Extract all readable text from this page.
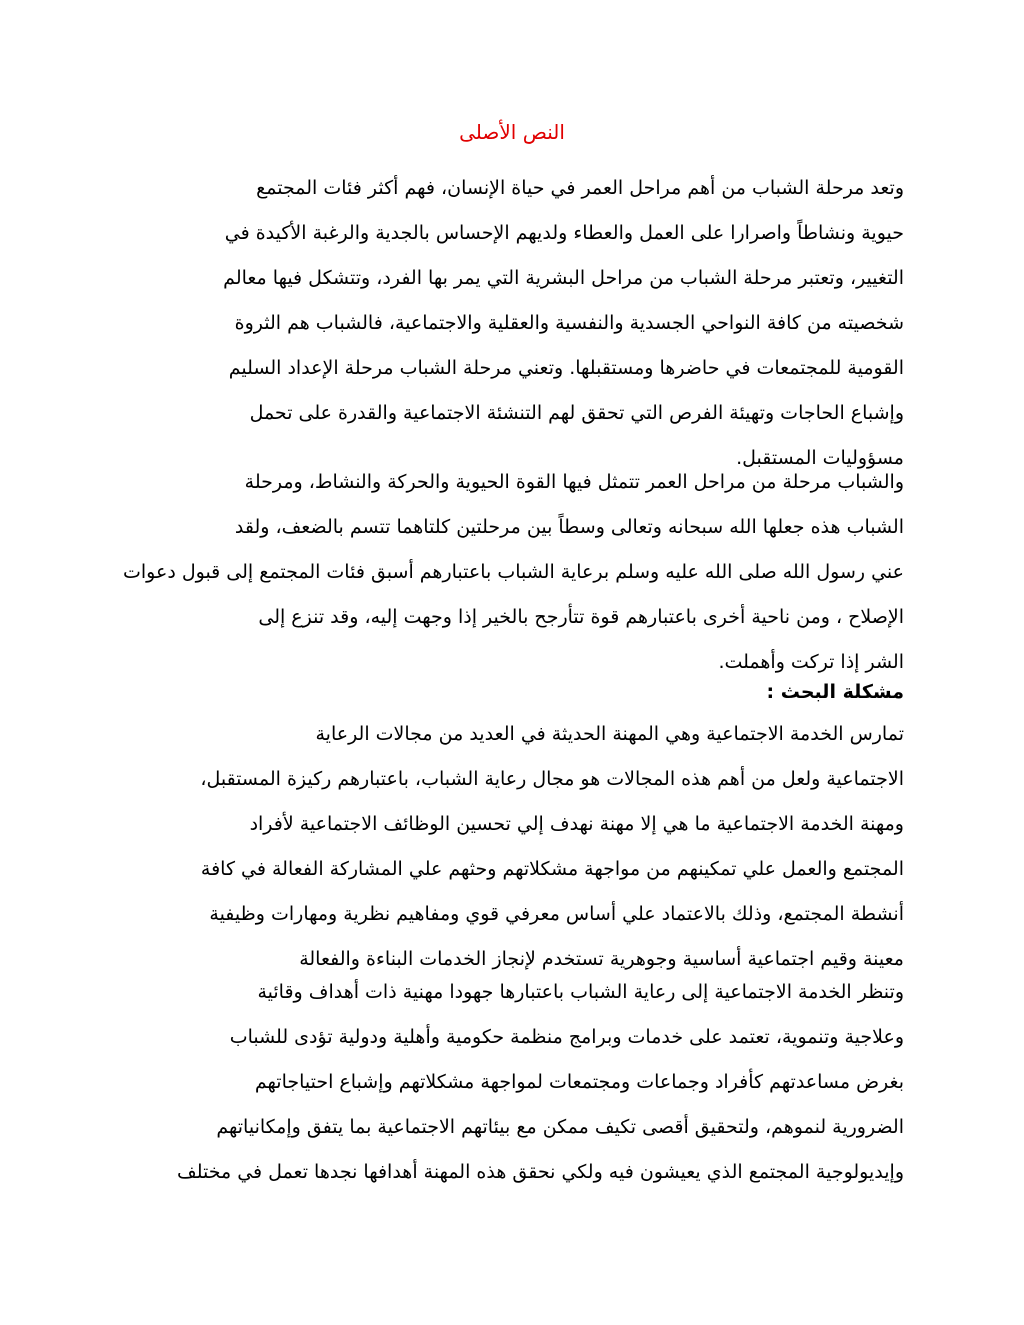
النص الأصلى
وتعد مرحلة الشباب من أهم مراحل العمر في حياة الإنسان، فهم أكثر فئات المجتمع
حيوية ونشاطاً واصرارا على العمل والعطاء ولديهم الإحساس بالجدية والرغبة الأكيدة في
التغيير، وتعتبر مرحلة الشباب من مراحل البشرية التي يمر بها الفرد، وتتشكل فيها معالم
شخصيته من كافة النواحي الجسدية والنفسية والعقلية والاجتماعية، فالشباب هم الثروة
القومية للمجتمعات في حاضرها ومستقبلها. وتعني مرحلة الشباب مرحلة الإعداد السليم
وإشباع الحاجات وتهيئة الفرص التي تحقق لهم التنشئة الاجتماعية والقدرة على تحمل
مسؤوليات المستقبل.
والشباب مرحلة من مراحل العمر تتمثل فيها القوة الحيوية والحركة والنشاط، ومرحلة
الشباب هذه جعلها الله سبحانه وتعالى وسطاً بين مرحلتين كلتاهما تتسم بالضعف، ولقد
عني رسول الله صلى الله عليه وسلم برعاية الشباب باعتبارهم أسبق فئات المجتمع إلى قبول دعوات
الإصلاح ، ومن ناحية أخرى باعتبارهم قوة تتأرجح بالخير إذا وجهت إليه، وقد تنزع إلى
الشر إذا تركت وأهملت.
مشكلة البحث :
تمارس الخدمة الاجتماعية وهي المهنة الحديثة في العديد من مجالات الرعاية
الاجتماعية ولعل من أهم هذه المجالات هو مجال رعاية الشباب، باعتبارهم ركيزة المستقبل،
ومهنة الخدمة الاجتماعية ما هي إلا مهنة نهدف إلي تحسين الوظائف الاجتماعية لأفراد
المجتمع والعمل علي تمكينهم من مواجهة مشكلاتهم وحثهم علي المشاركة الفعالة في كافة
أنشطة المجتمع، وذلك بالاعتماد علي أساس معرفي قوي ومفاهيم نظرية ومهارات وظيفية
معينة وقيم اجتماعية أساسية وجوهرية تستخدم لإنجاز الخدمات البناءة والفعالة
وتنظر الخدمة الاجتماعية إلى رعاية الشباب باعتبارها جهودا مهنية ذات أهداف وقائية
وعلاجية وتنموية، تعتمد على خدمات وبرامج منظمة حكومية وأهلية ودولية تؤدى للشباب
بغرض مساعدتهم كأفراد وجماعات ومجتمعات لمواجهة مشكلاتهم وإشباع احتياجاتهم
الضرورية لنموهم، ولتحقيق أقصى تكيف ممكن مع بيئاتهم الاجتماعية بما يتفق وإمكانياتهم
وإيديولوجية المجتمع الذي يعيشون فيه ولكي نحقق هذه المهنة أهدافها نجدها تعمل في مختلف
